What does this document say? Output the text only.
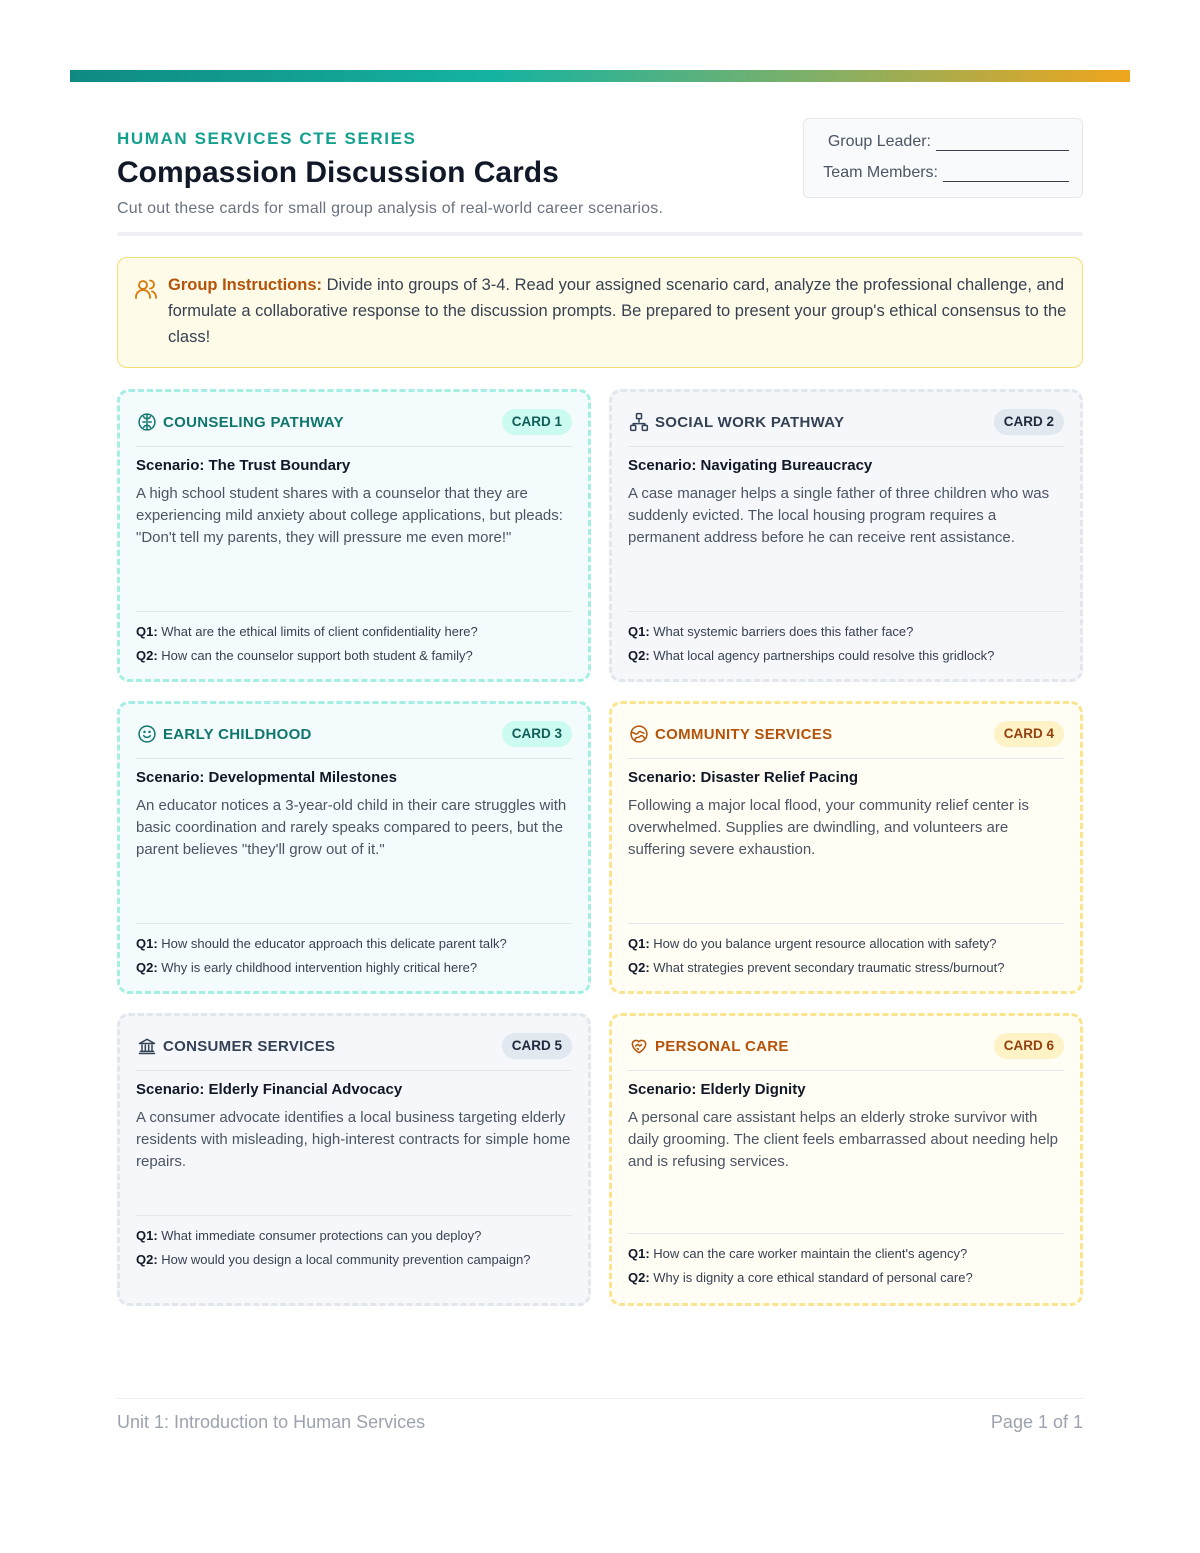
HUMAN SERVICES CTE SERIES
Compassion Discussion Cards
Cut out these cards for small group analysis of real-world career scenarios.
Group Leader:
Team Members:
Group Instructions: Divide into groups of 3-4. Read your assigned scenario card, analyze the professional challenge, and formulate a collaborative response to the discussion prompts. Be prepared to present your group's ethical consensus to the class!
COUNSELING PATHWAY	CARD 1
Scenario: The Trust Boundary
A high school student shares with a counselor that they are experiencing mild anxiety about college applications, but pleads: "Don't tell my parents, they will pressure me even more!"
Q1: What are the ethical limits of client confidentiality here?
Q2: How can the counselor support both student & family?
SOCIAL WORK PATHWAY	CARD 2
Scenario: Navigating Bureaucracy
A case manager helps a single father of three children who was suddenly evicted. The local housing program requires a permanent address before he can receive rent assistance.
Q1: What systemic barriers does this father face?
Q2: What local agency partnerships could resolve this gridlock?
EARLY CHILDHOOD	CARD 3
Scenario: Developmental Milestones
An educator notices a 3-year-old child in their care struggles with basic coordination and rarely speaks compared to peers, but the parent believes "they'll grow out of it."
Q1: How should the educator approach this delicate parent talk?
Q2: Why is early childhood intervention highly critical here?
COMMUNITY SERVICES	CARD 4
Scenario: Disaster Relief Pacing
Following a major local flood, your community relief center is overwhelmed. Supplies are dwindling, and volunteers are suffering severe exhaustion.
Q1: How do you balance urgent resource allocation with safety?
Q2: What strategies prevent secondary traumatic stress/burnout?
CONSUMER SERVICES	CARD 5
Scenario: Elderly Financial Advocacy
A consumer advocate identifies a local business targeting elderly residents with misleading, high-interest contracts for simple home repairs.
Q1: What immediate consumer protections can you deploy?
Q2: How would you design a local community prevention campaign?
PERSONAL CARE	CARD 6
Scenario: Elderly Dignity
A personal care assistant helps an elderly stroke survivor with daily grooming. The client feels embarrassed about needing help and is refusing services.
Q1: How can the care worker maintain the client's agency?
Q2: Why is dignity a core ethical standard of personal care?
Unit 1: Introduction to Human Services	Page 1 of 1
